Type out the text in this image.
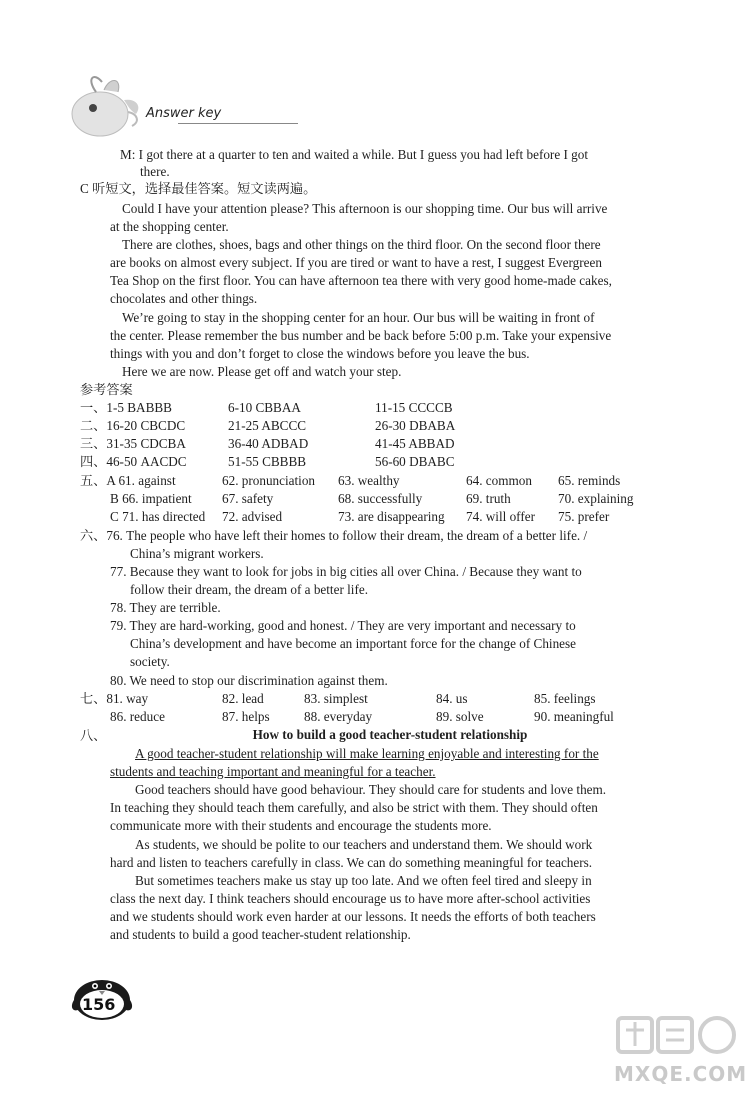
Answer key
M: I got there at a quarter to ten and waited a while. But I guess you had left before I got
there.
C 听短文，选择最佳答案。短文读两遍。
Could I have your attention please? This afternoon is our shopping time. Our bus will arrive
at the shopping center.
There are clothes, shoes, bags and other things on the third floor. On the second floor there
are books on almost every subject. If you are tired or want to have a rest, I suggest Evergreen
Tea Shop on the first floor. You can have afternoon tea there with very good home-made cakes,
chocolates and other things.
We’re going to stay in the shopping center for an hour. Our bus will be waiting in front of
the center. Please remember the bus number and be back before 5:00 p.m. Take your expensive
things with you and don’t forget to close the windows before you leave the bus.
Here we are now. Please get off and watch your step.
参考答案
一、1-5 BABBB	6-10 CBBAA	11-15 CCCCB
二、16-20 CBCDC	21-25 ABCCC	26-30 DBABA
三、31-35 CDCBA	36-40 ADBAD	41-45 ABBAD
四、46-50 AACDC	51-55 CBBBB	56-60 DBABC
五、A 61. against	62. pronunciation 63. wealthy	64. common 65. reminds
B 66. impatient 67. safety	68. successfully	69. truth	70. explaining
C 71. has directed 72. advised	73. are disappearing 74. will offer 75. prefer
六、76. The people who have left their homes to follow their dream, the dream of a better life. /
China’s migrant workers.
77. Because they want to look for jobs in big cities all over China. / Because they want to
follow their dream, the dream of a better life.
78. They are terrible.
79. They are hard-working, good and honest. / They are very important and necessary to
China’s development and have become an important force for the change of Chinese
society.
80. We need to stop our discrimination against them.
七、81. way	82. lead	83. simplest	84. us	85. feelings
86. reduce	87. helps	88. everyday	89. solve	90. meaningful
八、	How to build a good teacher-student relationship
A good teacher-student relationship will make learning enjoyable and interesting for the
students and teaching important and meaningful for a teacher.
Good teachers should have good behaviour. They should care for students and love them.
In teaching they should teach them carefully, and also be strict with them. They should often
communicate more with their students and encourage the students more.
As students, we should be polite to our teachers and understand them. We should work
hard and listen to teachers carefully in class. We can do something meaningful for teachers.
But sometimes teachers make us stay up too late. And we often feel tired and sleepy in
class the next day. I think teachers should encourage us to have more after-school activities
and we students should work even harder at our lessons. It needs the efforts of both teachers
and students to build a good teacher-student relationship.
156
MXQE.COM
